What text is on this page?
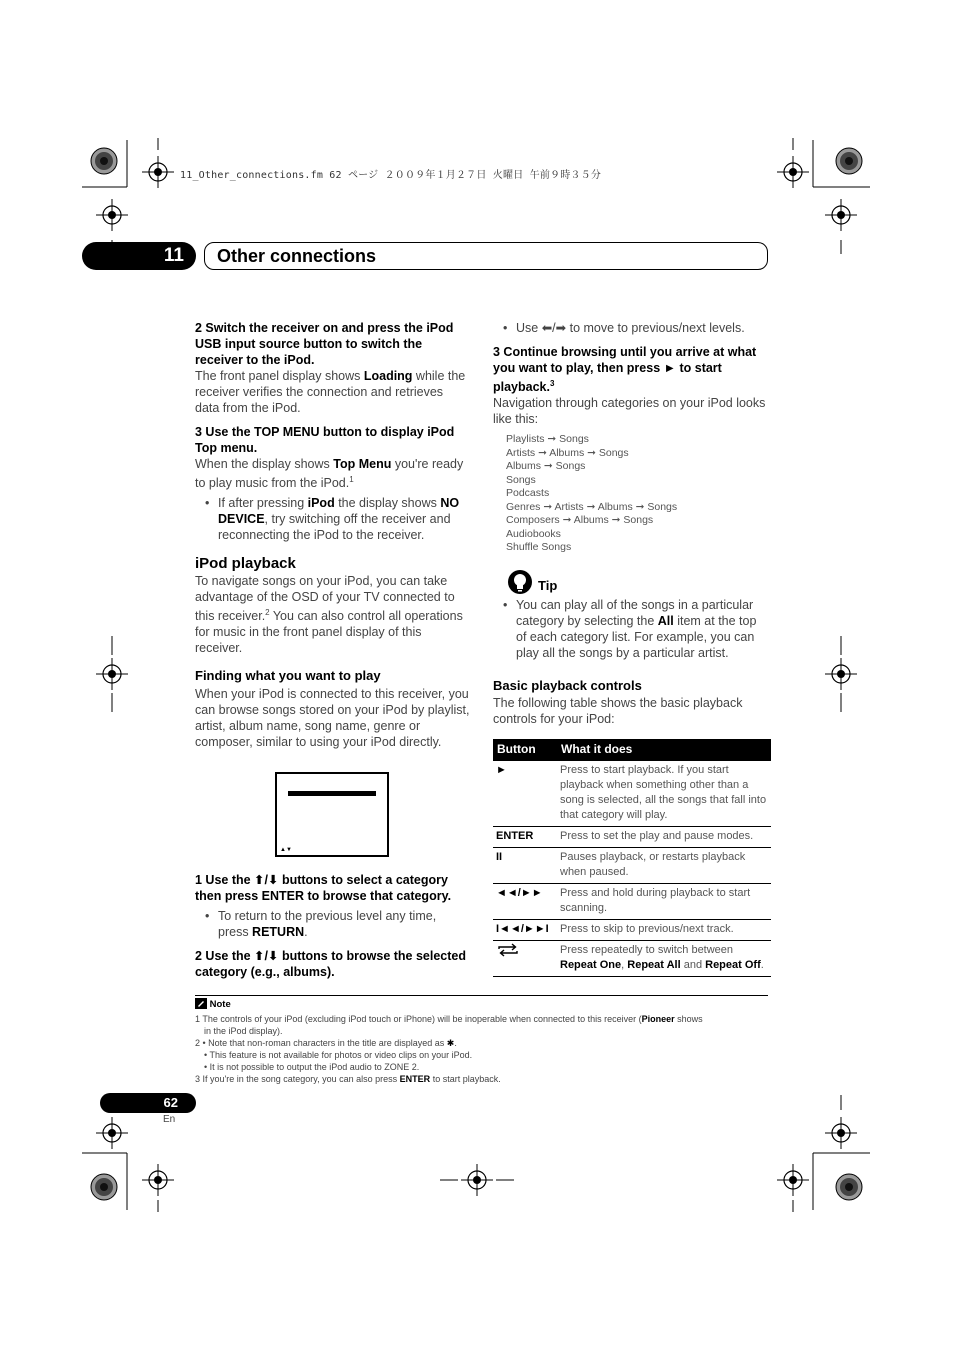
11_Other_connections.fm 62 ページ ２００９年１月２７日 火曜日 午前９時３５分
11	Other connections

2 Switch the receiver on and press the iPod USB input source button to switch the receiver to the iPod.

The front panel display shows Loading while the receiver verifies the connection and retrieves data from the iPod.

3 Use the TOP MENU button to display iPod Top menu.

When the display shows Top Menu you're ready to play music from the iPod.$^1$

• If after pressing iPod the display shows NO DEVICE, try switching off the receiver and reconnecting the iPod to the receiver.

iPod playback

To navigate songs on your iPod, you can take advantage of the OSD of your TV connected to this receiver.$^2$ You can also control all operations for music in the front panel display of this receiver.

Finding what you want to play

When your iPod is connected to this receiver, you can browse songs stored on your iPod by playlist, artist, album name, song name, genre or composer, similar to using your iPod directly.

▲▼

1 Use the ⬆/⬇ buttons to select a category then press ENTER to browse that category.

• To return to the previous level any time, press RETURN.

2 Use the ⬆/⬇ buttons to browse the selected category (e.g., albums).

• Use ⬅/➡ to move to previous/next levels.

3 Continue browsing until you arrive at what you want to play, then press ► to start playback.$^3$

Navigation through categories on your iPod looks like this:

Playlists ➞ Songs
Artists ➞ Albums ➞ Songs
Albums ➞ Songs
Songs
Podcasts
Genres ➞ Artists ➞ Albums ➞ Songs
Composers ➞ Albums ➞ Songs
Audiobooks
Shuffle Songs
Tip

• You can play all of the songs in a particular category by selecting the All item at the top of each category list. For example, you can play all the songs by a particular artist.

Basic playback controls

The following table shows the basic playback controls for your iPod:

Button	What it does
►	Press to start playback. If you start playback when something other than a song is selected, all the songs that fall into that category will play.
ENTER	Press to set the play and pause modes.
II	Pauses playback, or restarts playback when paused.
◄◄/►►	Press and hold during playback to start scanning.
I◄◄/►►I	Press to skip to previous/next track.
	Press repeatedly to switch between Repeat One, Repeat All and Repeat Off.
Note
1 The controls of your iPod (excluding iPod touch or iPhone) will be inoperable when connected to this receiver (Pioneer shows
in the iPod display).
2 • Note that non-roman characters in the title are displayed as ✱.
• This feature is not available for photos or video clips on your iPod.
• It is not possible to output the iPod audio to ZONE 2.
3 If you're in the song category, you can also press ENTER to start playback.
62
En
